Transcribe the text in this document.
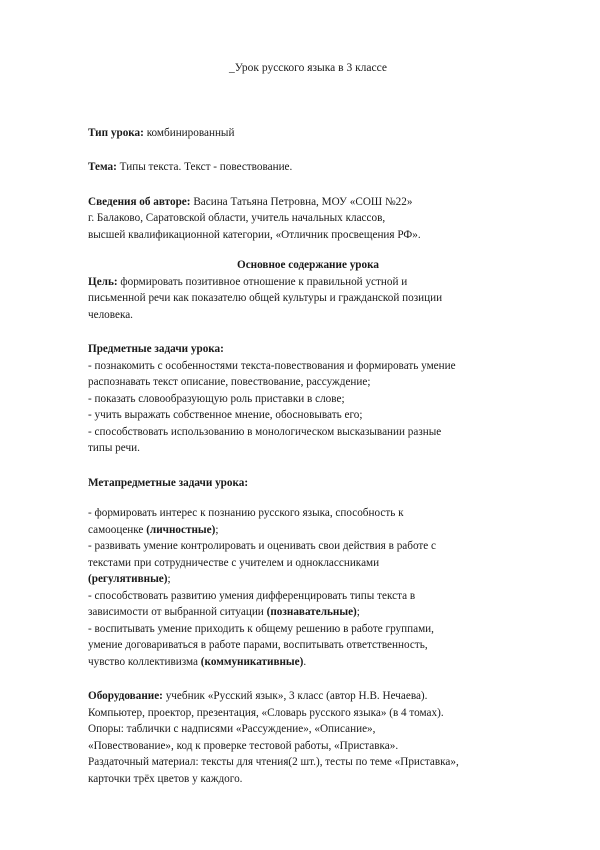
_Урок русского языка в 3 классе

Тип урока: комбинированный

Тема: Типы текста. Текст - повествование.

Сведения об авторе: Васина Татьяна Петровна, МОУ «СОШ №22»
г. Балаково, Саратовской области, учитель начальных классов,
высшей квалификационной категории, «Отличник просвещения РФ».
Основное содержание урока
Цель: формировать позитивное отношение к правильной устной и
письменной речи как показателю общей культуры и гражданской позиции
человека.
Предметные задачи урока:
- познакомить с особенностями текста-повествования и формировать умение
распознавать текст описание, повествование, рассуждение;
- показать словообразующую роль приставки в слове;
- учить выражать собственное мнение, обосновывать его;
- способствовать использованию в монологическом высказывании разные
типы речи.
Метапредметные задачи урока:
- формировать интерес к познанию русского языка, способность к
самооценке (личностные);
- развивать умение контролировать и оценивать свои действия в работе с
текстами при сотрудничестве с учителем и одноклассниками
(регулятивные);
- способствовать развитию умения дифференцировать типы текста в
зависимости от выбранной ситуации (познавательные);
- воспитывать умение приходить к общему решению в работе группами,
умение договариваться в работе парами, воспитывать ответственность,
чувство коллективизма (коммуникативные).
Оборудование: учебник «Русский язык», 3 класс (автор Н.В. Нечаева).
Компьютер, проектор, презентация, «Словарь русского языка» (в 4 томах).
Опоры: таблички с надписями «Рассуждение», «Описание»,
«Повествование», код к проверке тестовой работы, «Приставка».
Раздаточный материал: тексты для чтения(2 шт.), тесты по теме «Приставка»,
карточки трёх цветов у каждого.
